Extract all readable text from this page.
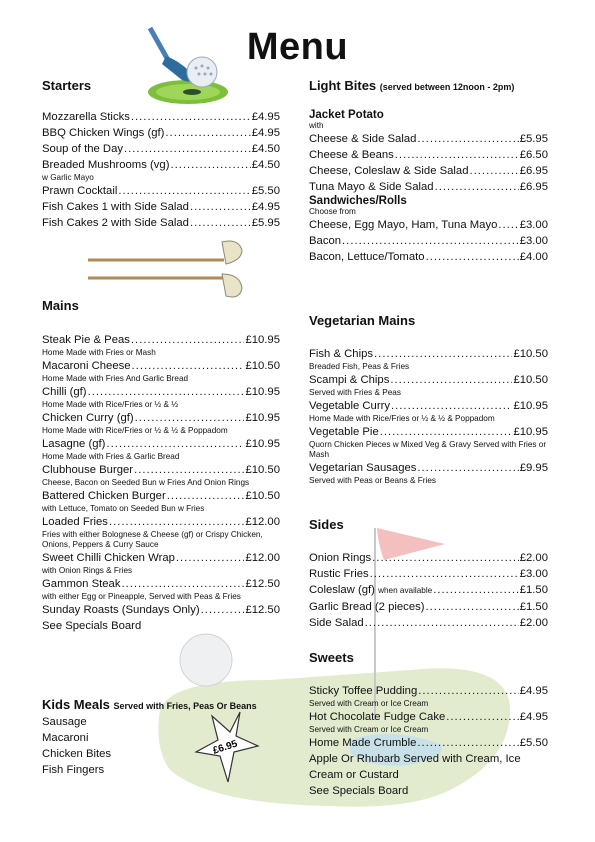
Menu
Starters
Mozzarella Sticks .....	£4.95
BBQ Chicken Wings (gf) .....	£4.95
Soup of the Day .....	£4.50
Breaded Mushrooms (vg) .....	£4.50
w Garlic Mayo
Prawn Cocktail .....	£5.50
Fish Cakes 1 with Side Salad .....	£4.95
Fish Cakes 2 with Side Salad .....	£5.95
Mains
Steak Pie & Peas .....	£10.95
Home Made with Fries or Mash
Macaroni Cheese .....	£10.50
Home Made with Fries And Garlic Bread
Chilli (gf) .....	£10.95
Home Made with Rice/Fries or ½ & ½
Chicken Curry (gf) .....	£10.95
Home Made with Rice/Fries or ½ & ½ & Poppadom
Lasagne (gf) .....	£10.95
Home Made with Fries & Garlic Bread
Clubhouse Burger .....	£10.50
Cheese, Bacon on Seeded Bun w Fries And Onion Rings
Battered Chicken Burger .....	£10.50
with Lettuce, Tomato on Seeded Bun w Fries
Loaded Fries .....	£12.00
Fries with either Bolognese & Cheese (gf) or Crispy Chicken, Onions, Peppers & Curry Sauce
Sweet Chilli Chicken Wrap .....	£12.00
with Onion Rings & Fries
Gammon Steak .....	£12.50
with either Egg or Pineapple, Served with Peas & Fries
Sunday Roasts (Sundays Only) .....	£12.50
See Specials Board
Kids Meals Served with Fries, Peas Or Beans
Sausage
Macaroni
Chicken Bites
Fish Fingers
£6.95
Light Bites (served between 12noon - 2pm)
Jacket Potato
with
Cheese & Side Salad .....	£5.95
Cheese & Beans .....	£6.50
Cheese, Coleslaw & Side Salad .....	£6.95
Tuna Mayo & Side Salad .....	£6.95
Sandwiches/Rolls
Choose from
Cheese, Egg Mayo, Ham, Tuna Mayo ..... £3.00
Bacon .....	£3.00
Bacon, Lettuce/Tomato .....	£4.00
Vegetarian Mains
Fish & Chips .....	£10.50
Breaded Fish, Peas & Fries
Scampi & Chips .....	£10.50
Served with Fries & Peas
Vegetable Curry .....	£10.95
Home Made with Rice/Fries or ½ & ½ & Poppadom
Vegetable Pie .....	£10.95
Quorn Chicken Pieces w Mixed Veg & Gravy Served with Fries or Mash
Vegetarian Sausages .....	£9.95
Served with Peas or Beans & Fries
Sides
Onion Rings .....	£2.00
Rustic Fries .....	£3.00
Coleslaw (gf) when available .....	£1.50
Garlic Bread (2 pieces) .....	£1.50
Side Salad .....	£2.00
Sweets
Sticky Toffee Pudding .....	£4.95
Served with Cream or Ice Cream
Hot Chocolate Fudge Cake .....	£4.95
Served with Cream or Ice Cream
Home Made Crumble .....	£5.50
Apple Or Rhubarb Served with Cream, Ice Cream or Custard
See Specials Board
